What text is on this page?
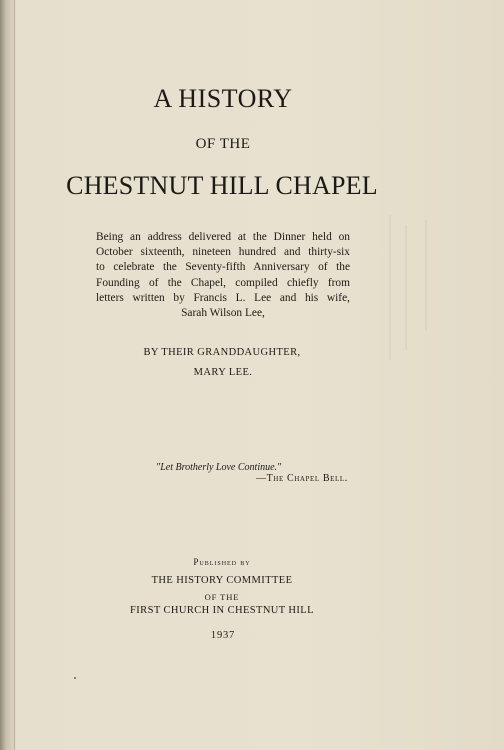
A HISTORY
OF THE
CHESTNUT HILL CHAPEL
Being an address delivered at the Dinner held on
October sixteenth, nineteen hundred and thirty-six
to celebrate the Seventy-fifth Anniversary of the
Founding of the Chapel, compiled chiefly from
letters written by Francis L. Lee and his wife,
Sarah Wilson Lee,
BY THEIR GRANDDAUGHTER,
MARY LEE.
"Let Brotherly Love Continue."
—The Chapel Bell.
Published by
THE HISTORY COMMITTEE
OF THE
FIRST CHURCH IN CHESTNUT HILL
1937
